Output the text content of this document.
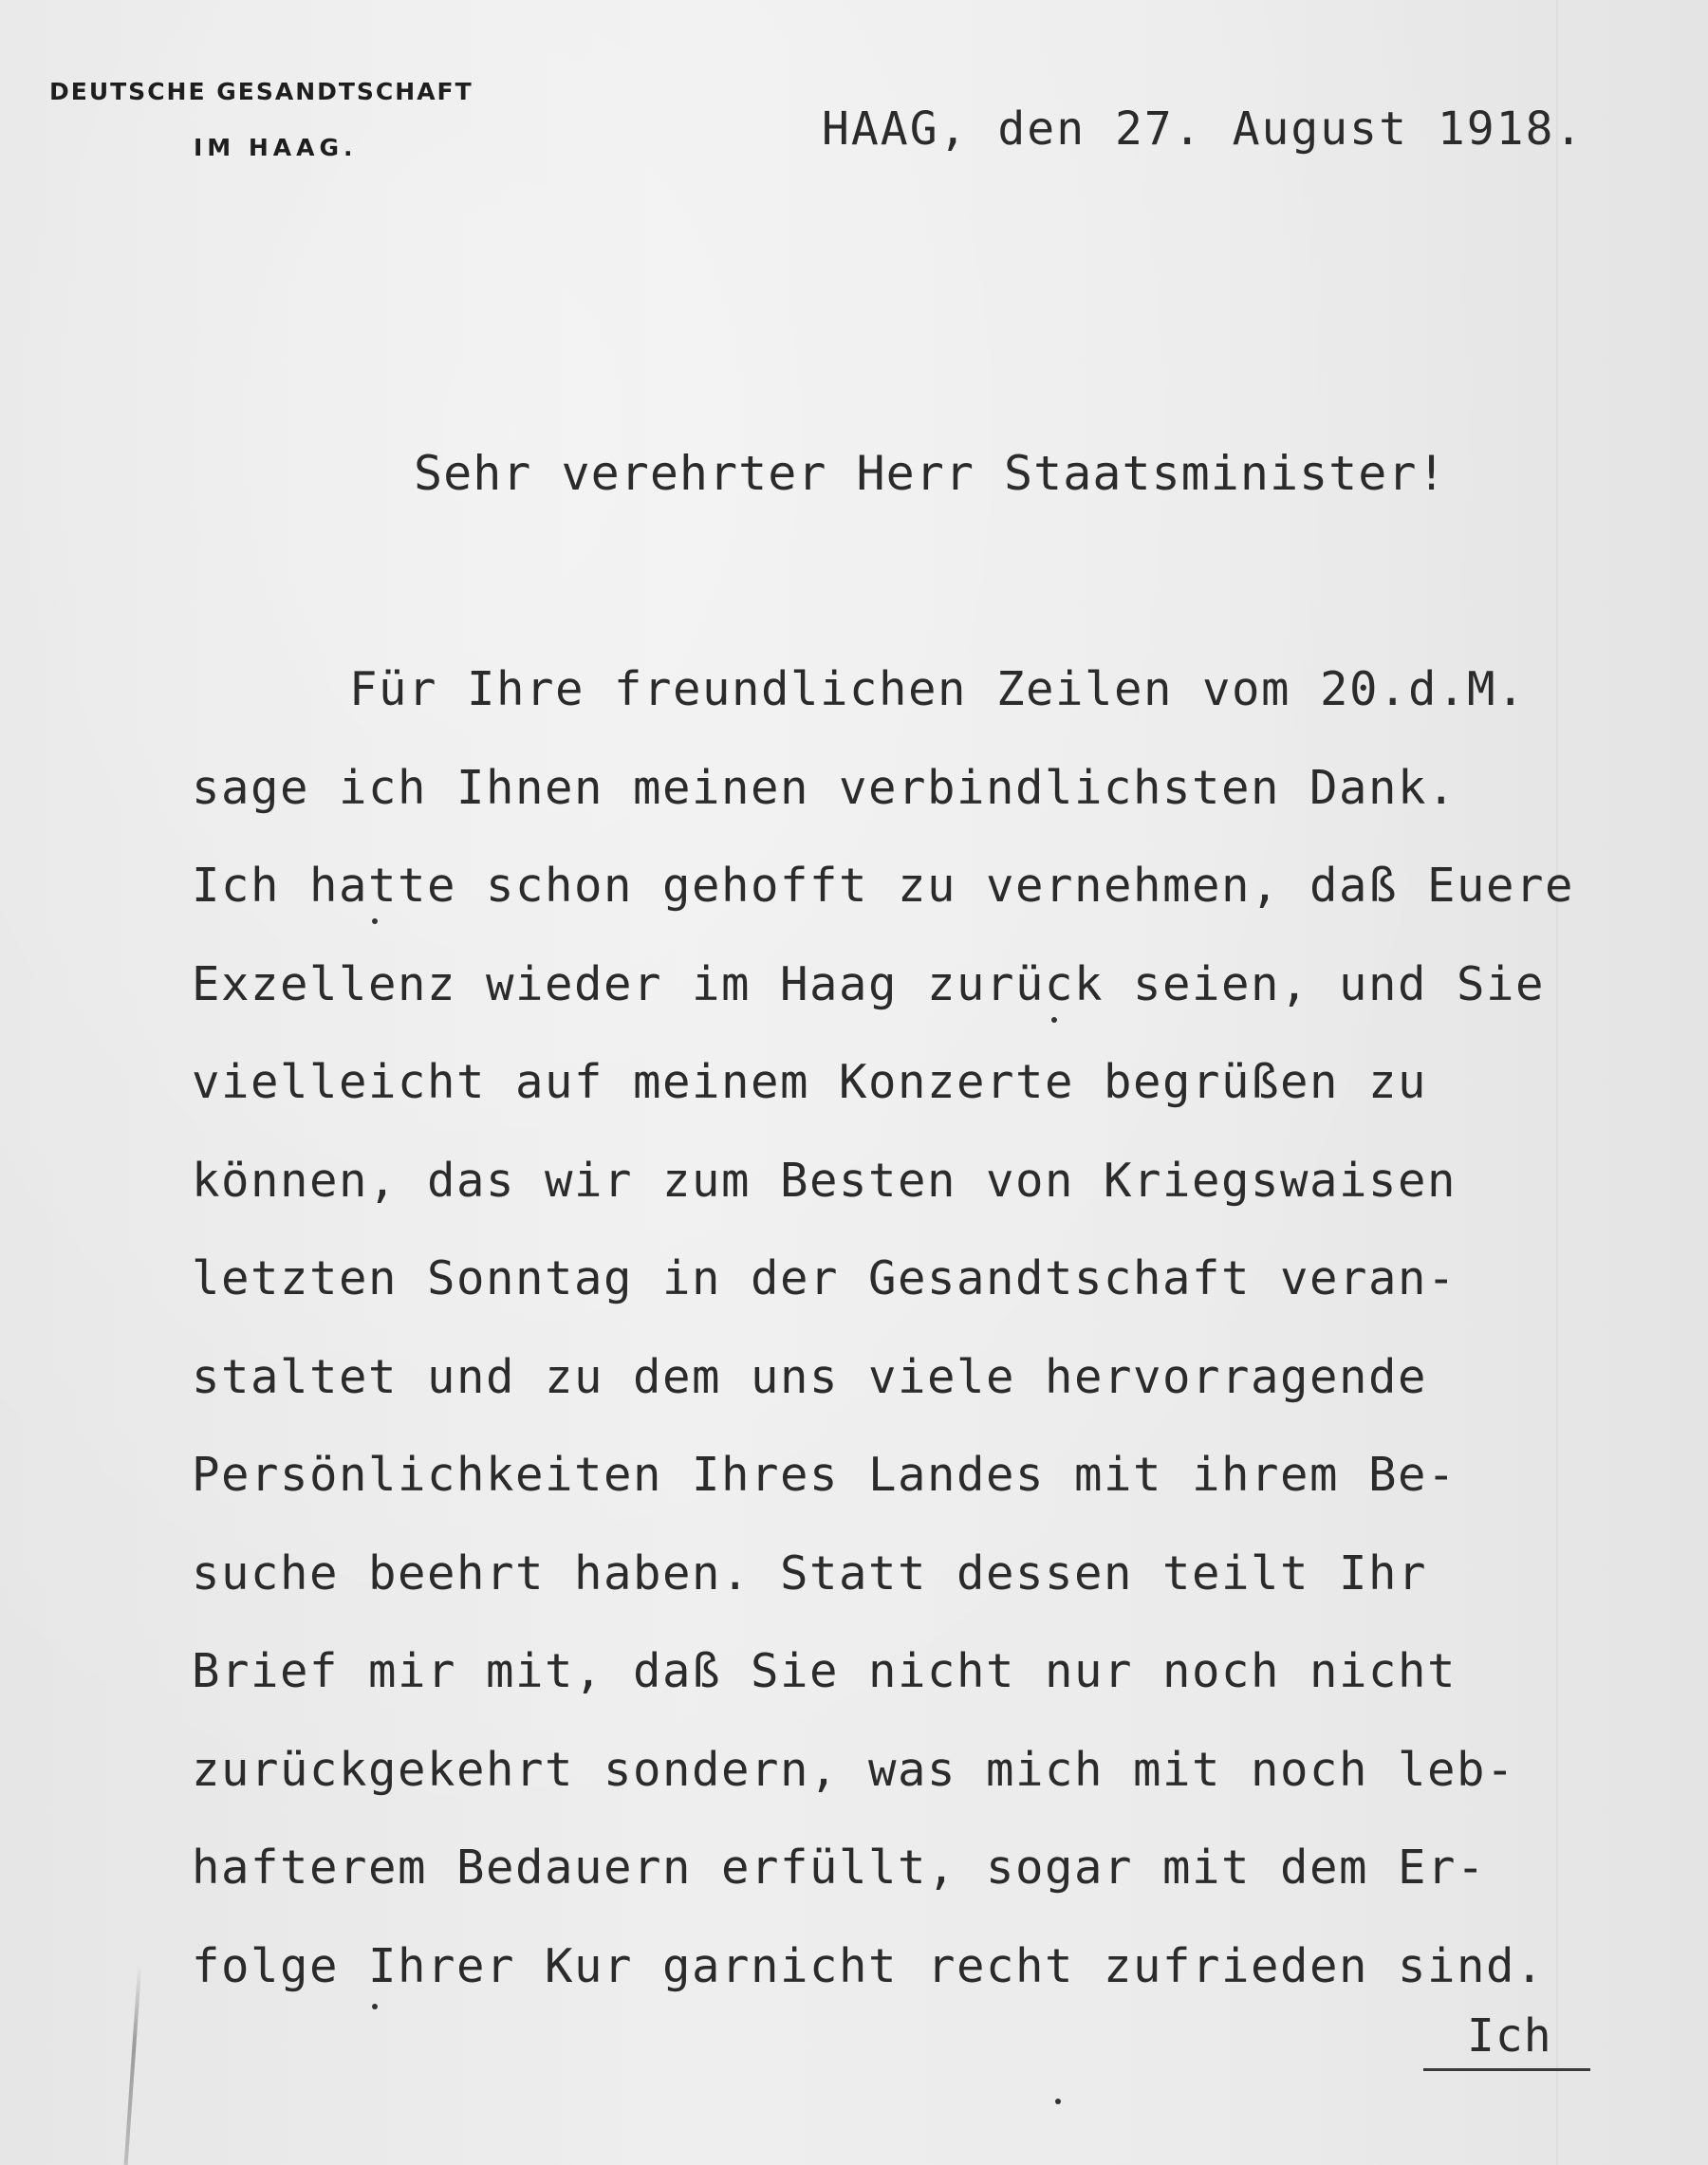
DEUTSCHE GESANDTSCHAFT
IM HAAG.	HAAG, den 27. August 1918.
Sehr verehrter Herr Staatsminister!
Für Ihre freundlichen Zeilen vom 20.d.M.
sage ich Ihnen meinen verbindlichsten Dank.
Ich hatte schon gehofft zu vernehmen, daß Euere
Exzellenz wieder im Haag zurück seien, und Sie
vielleicht auf meinem Konzerte begrüßen zu
können, das wir zum Besten von Kriegswaisen
letzten Sonntag in der Gesandtschaft veran-
staltet und zu dem uns viele hervorragende
Persönlichkeiten Ihres Landes mit ihrem Be-
suche beehrt haben. Statt dessen teilt Ihr
Brief mir mit, daß Sie nicht nur noch nicht
zurückgekehrt sondern, was mich mit noch leb-
hafterem Bedauern erfüllt, sogar mit dem Er-
folge Ihrer Kur garnicht recht zufrieden sind.
Ich
